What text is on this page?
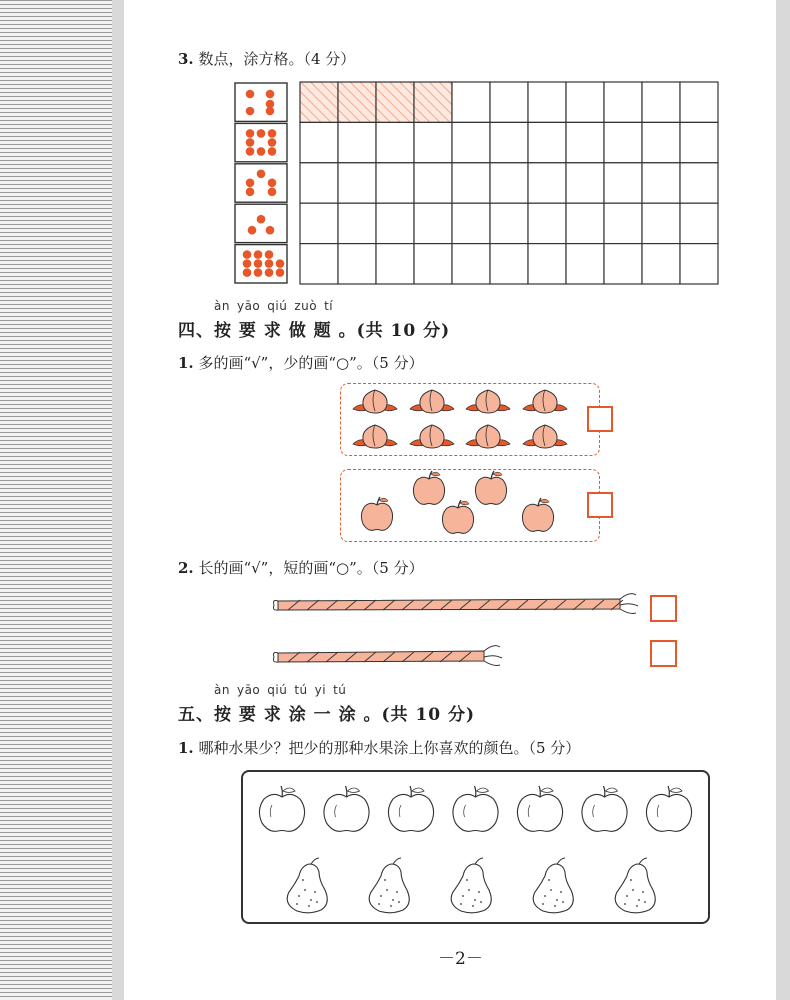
3. 数点，涂方格。（4 分）
àn yāo qiú zuò tí
四、按 要 求 做 题 。(共 10 分)
1. 多的画“√”，少的画“○”。（5 分）
2. 长的画“√”，短的画“○”。（5 分）
àn yāo qiú tú yi tú
五、按 要 求 涂 一 涂 。(共 10 分)
1. 哪种水果少？把少的那种水果涂上你喜欢的颜色。（5 分）
－2－
